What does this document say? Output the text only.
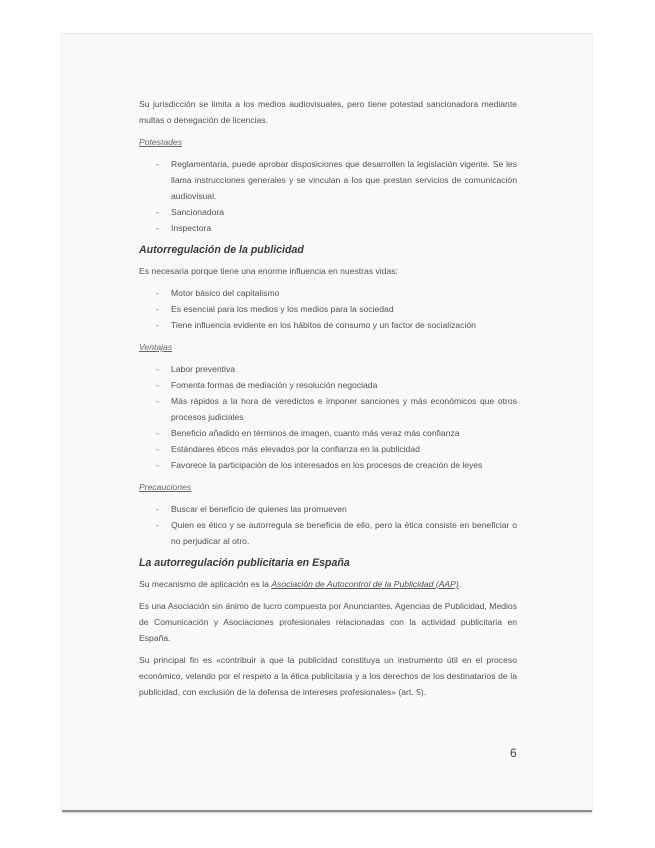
Su jurisdicción se limita a los medios audiovisuales, pero tiene potestad sancionadora mediante multas o denegación de licencias.

Potestades
- Reglamentaria, puede aprobar disposiciones que desarrollen la legislación vigente. Se les llama instrucciones generales y se vinculan a los que prestan servicios de comunicación audiovisual.
- Sancionadora
- Inspectora
Autorregulación de la publicidad

Es necesaria porque tiene una enorme influencia en nuestras vidas:

- Motor básico del capitalismo
- Es esencial para los medios y los medios para la sociedad
- Tiene influencia evidente en los hábitos de consumo y un factor de socialización
Ventajas
- Labor preventiva
- Fomenta formas de mediación y resolución negociada
- Más rápidos a la hora de veredictos e imponer sanciones y más económicos que otros procesos judiciales
- Beneficio añadido en términos de imagen, cuanto más veraz más confianza
- Estándares éticos más elevados por la confianza en la publicidad
- Favorece la participación de los interesados en los procesos de creación de leyes
Precauciones
- Buscar el beneficio de quienes las promueven
- Quien es ético y se autorregula se beneficia de ello, pero la ética consiste en beneficiar o no perjudicar al otro.
La autorregulación publicitaria en España

Su mecanismo de aplicación es la Asociación de Autocontrol de la Publicidad (AAP).

Es una Asociación sin ánimo de lucro compuesta por Anunciantes, Agencias de Publicidad, Medios de Comunicación y Asociaciones profesionales relacionadas con la actividad publicitaria en España.

Su principal fin es «contribuir a que la publicidad constituya un instrumento útil en el proceso económico, velando por el respeto a la ética publicitaria y a los derechos de los destinatarios de la publicidad, con exclusión de la defensa de intereses profesionales» (art. 5).

6
